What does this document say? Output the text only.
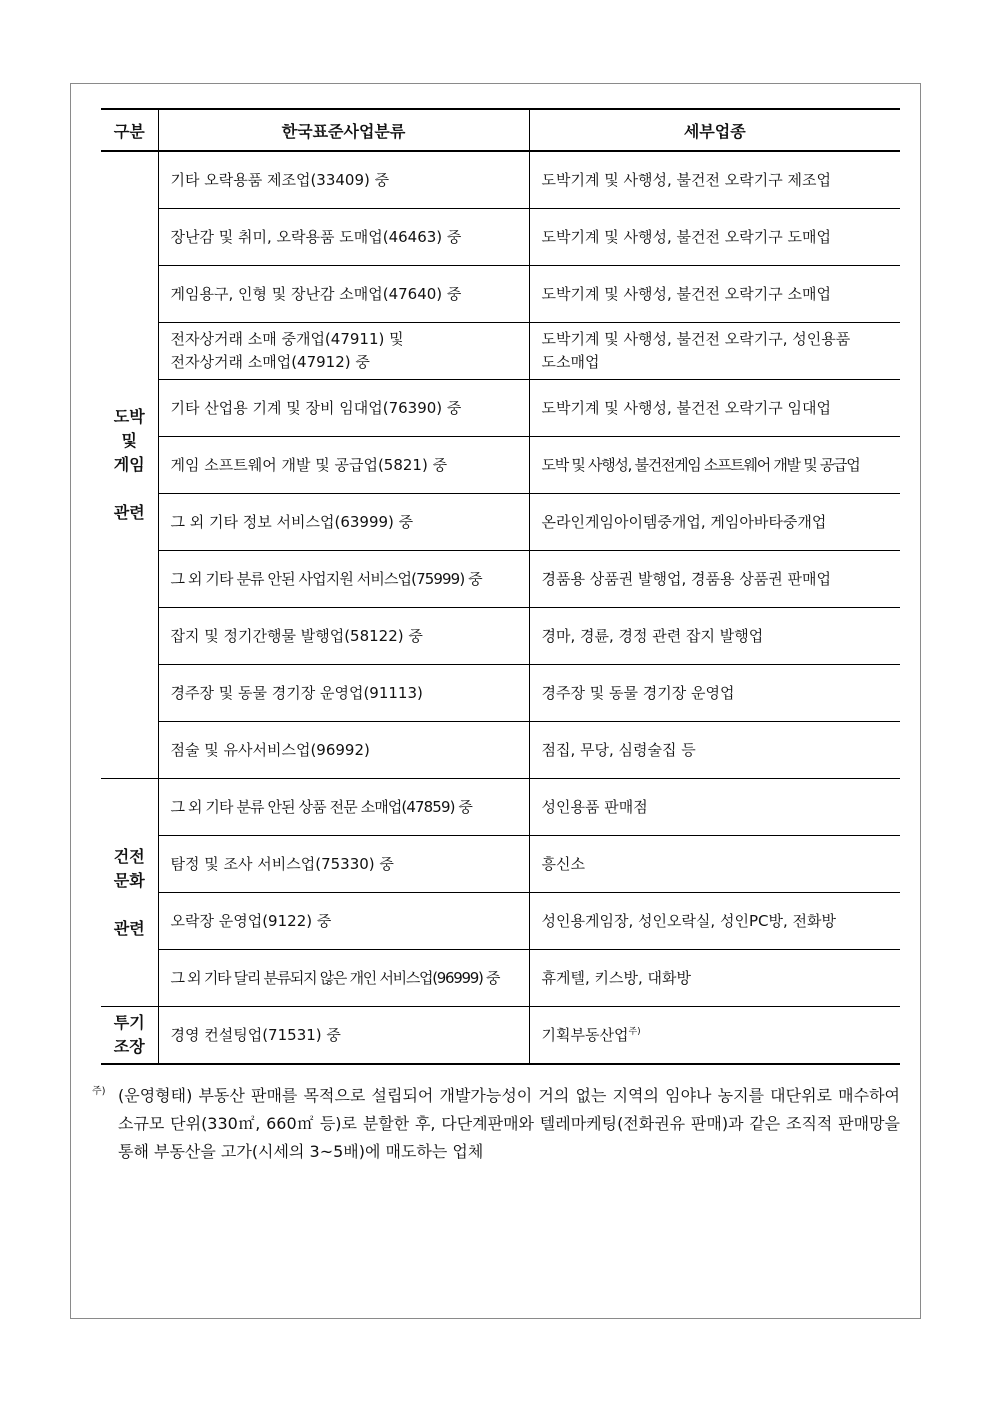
구분	한국표준사업분류	세부업종
도박
및
게임
관련	기타 오락용품 제조업(33409) 중	도박기계 및 사행성, 불건전 오락기구 제조업
	장난감 및 취미, 오락용품 도매업(46463) 중	도박기계 및 사행성, 불건전 오락기구 도매업
	게임용구, 인형 및 장난감 소매업(47640) 중	도박기계 및 사행성, 불건전 오락기구 소매업
	전자상거래 소매 중개업(47911) 및
전자상거래 소매업(47912) 중	도박기계 및 사행성, 불건전 오락기구, 성인용품
도소매업
	기타 산업용 기계 및 장비 임대업(76390) 중	도박기계 및 사행성, 불건전 오락기구 임대업
	게임 소프트웨어 개발 및 공급업(5821) 중	도박 및 사행성, 불건전게임 소프트웨어 개발 및 공급업
	그 외 기타 정보 서비스업(63999) 중	온라인게임아이템중개업, 게임아바타중개업
	그 외 기타 분류 안된 사업지원 서비스업(75999) 중	경품용 상품권 발행업, 경품용 상품권 판매업
	잡지 및 정기간행물 발행업(58122) 중	경마, 경륜, 경정 관련 잡지 발행업
	경주장 및 동물 경기장 운영업(91113)	경주장 및 동물 경기장 운영업
	점술 및 유사서비스업(96992)	점집, 무당, 심령술집 등
건전
문화
관련	그 외 기타 분류 안된 상품 전문 소매업(47859) 중	성인용품 판매점
	탐정 및 조사 서비스업(75330) 중	흥신소
	오락장 운영업(9122) 중	성인용게임장, 성인오락실, 성인PC방, 전화방
	그 외 기타 달리 분류되지 않은 개인 서비스업(96999) 중	휴게텔, 키스방, 대화방
투기
조장	경영 컨설팅업(71531) 중	기획부동산업$^{주)}$
주) (운영형태) 부동산 판매를 목적으로 설립되어 개발가능성이 거의 없는 지역의 임야나 농지를 대단위로 매수하여 소규모 단위(330㎡, 660㎡ 등)로 분할한 후, 다단계판매와 텔레마케팅(전화권유 판매)과 같은 조직적 판매망을 통해 부동산을 고가(시세의 3~5배)에 매도하는 업체
